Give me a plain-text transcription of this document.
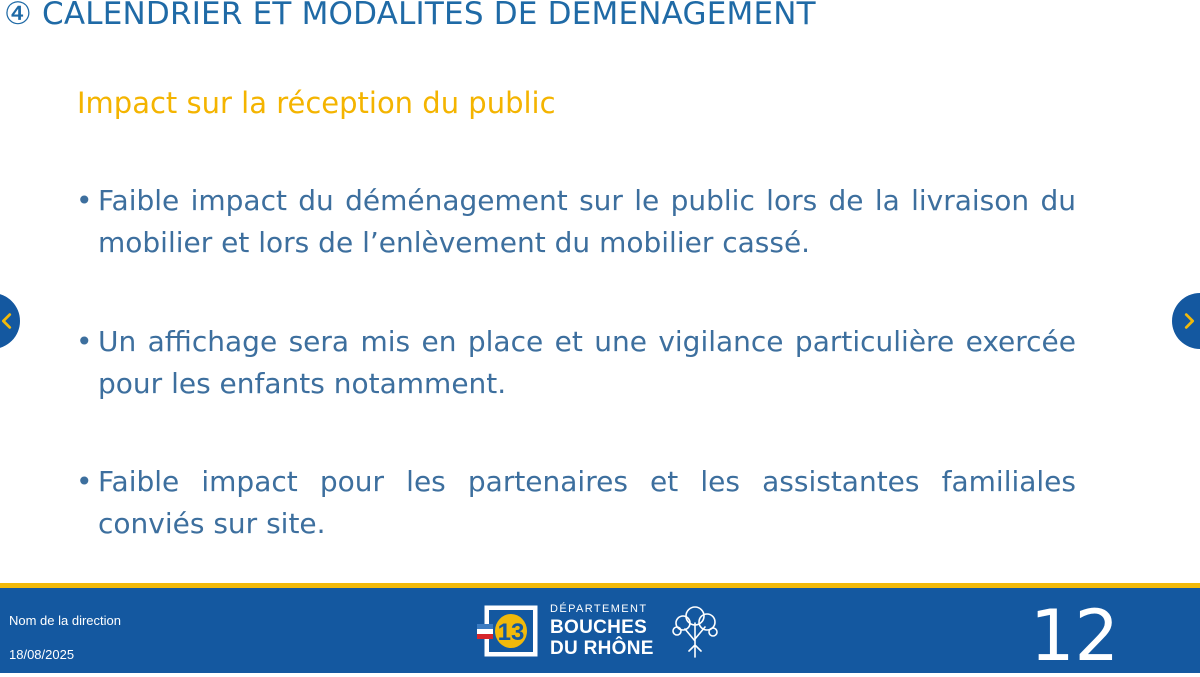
④ CALENDRIER ET MODALITES DE DEMENAGEMENT
Impact sur la réception du public
• Faible impact du déménagement sur le public lors de la livraison du mobilier et lors de l’enlèvement du mobilier cassé.
• Un affichage sera mis en place et une vigilance particulière exercée pour les enfants notamment.
• Faible impact pour les partenaires et les assistantes familiales conviés sur site.
Nom de la direction
18/08/2025
13
DÉPARTEMENT
BOUCHES
DU RHÔNE	12
